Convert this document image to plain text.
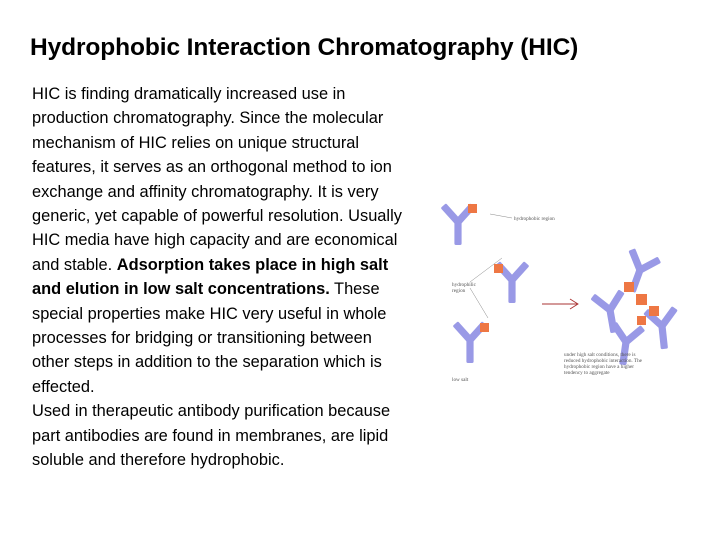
Hydrophobic Interaction Chromatography (HIC)

HIC is finding dramatically increased use in production chromatography. Since the molecular mechanism of HIC relies on unique structural features, it serves as an orthogonal method to ion exchange and affinity chromatography. It is very generic, yet capable of powerful resolution. Usually HIC media have high capacity and are economical and stable. Adsorption takes place in high salt and elution in low salt concentrations. These special properties make HIC very useful in whole processes for bridging or transitioning between other steps in addition to the separation which is effected.

Used in therapeutic antibody purification because part antibodies are found in membranes, are lipid soluble and therefore hydrophobic.

hydrophobic region
hydrophilic
region
low salt
under high salt conditions, there is
reduced hydrophobic interaction. The
hydrophobic region have a higher
tendency to aggregate
